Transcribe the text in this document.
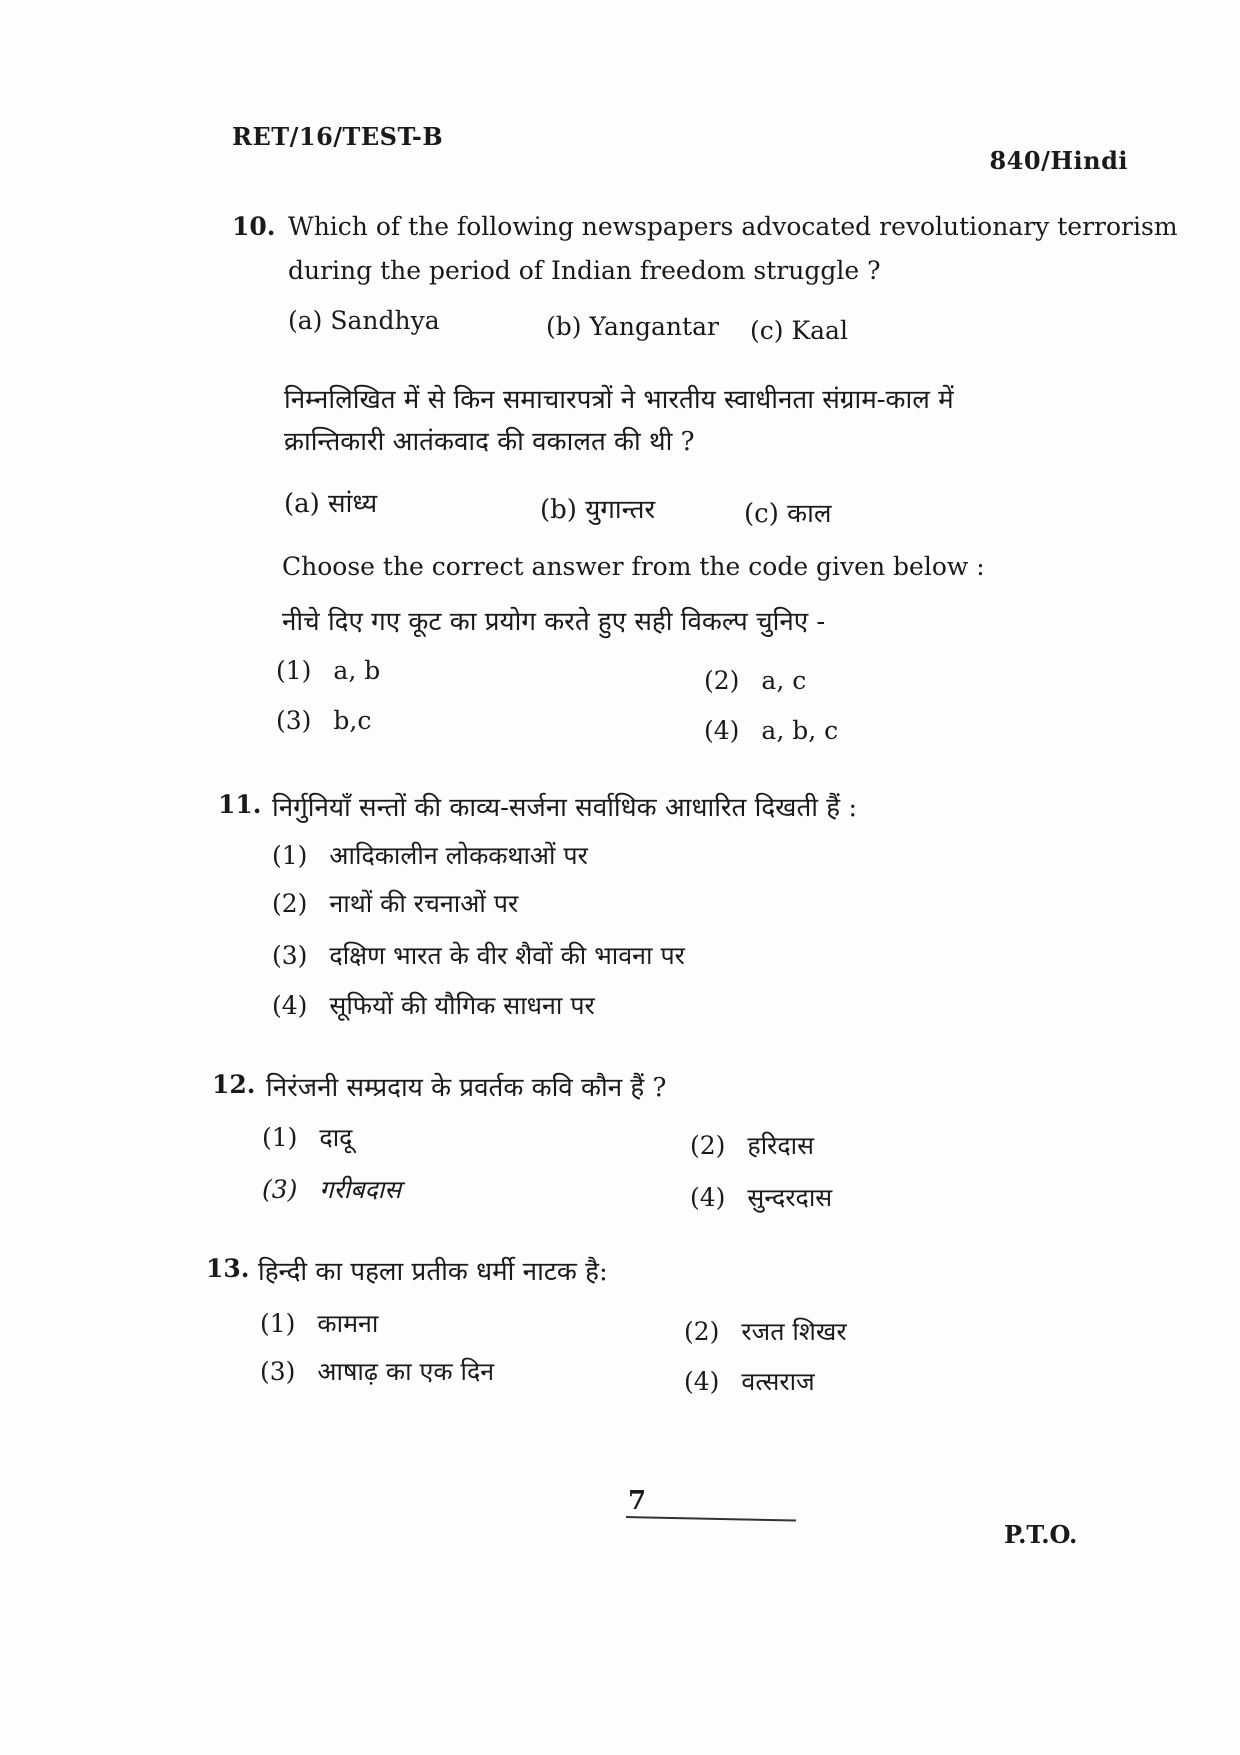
RET/16/TEST-B
840/Hindi
10. Which of the following newspapers advocated revolutionary terrorism
during the period of Indian freedom struggle ?
(a) Sandhya	(b) Yangantar (c) Kaal
निम्नलिखित में से किन समाचारपत्रों ने भारतीय स्वाधीनता संग्राम-काल में
क्रान्तिकारी आतंकवाद की वकालत की थी ?
(a) सांध्य	(b) युगान्तर	(c) काल
Choose the correct answer from the code given below :
नीचे दिए गए कूट का प्रयोग करते हुए सही विकल्प चुनिए -
(1) a, b	(2) a, c
(3) b,c	(4) a, b, c
11. निर्गुनियाँ सन्तों की काव्य-सर्जना सर्वाधिक आधारित दिखती हैं :
(1) आदिकालीन लोककथाओं पर
(2) नाथों की रचनाओं पर
(3) दक्षिण भारत के वीर शैवों की भावना पर
(4) सूफियों की यौगिक साधना पर
12. निरंजनी सम्प्रदाय के प्रवर्तक कवि कौन हैं ?
(1) दादू	(2) हरिदास
(3) गरीबदास	(4) सुन्दरदास
13. हिन्दी का पहला प्रतीक धर्मी नाटक है:
(1) कामना	(2) रजत शिखर
(3) आषाढ़ का एक दिन	(4) वत्सराज
7
P.T.O.
